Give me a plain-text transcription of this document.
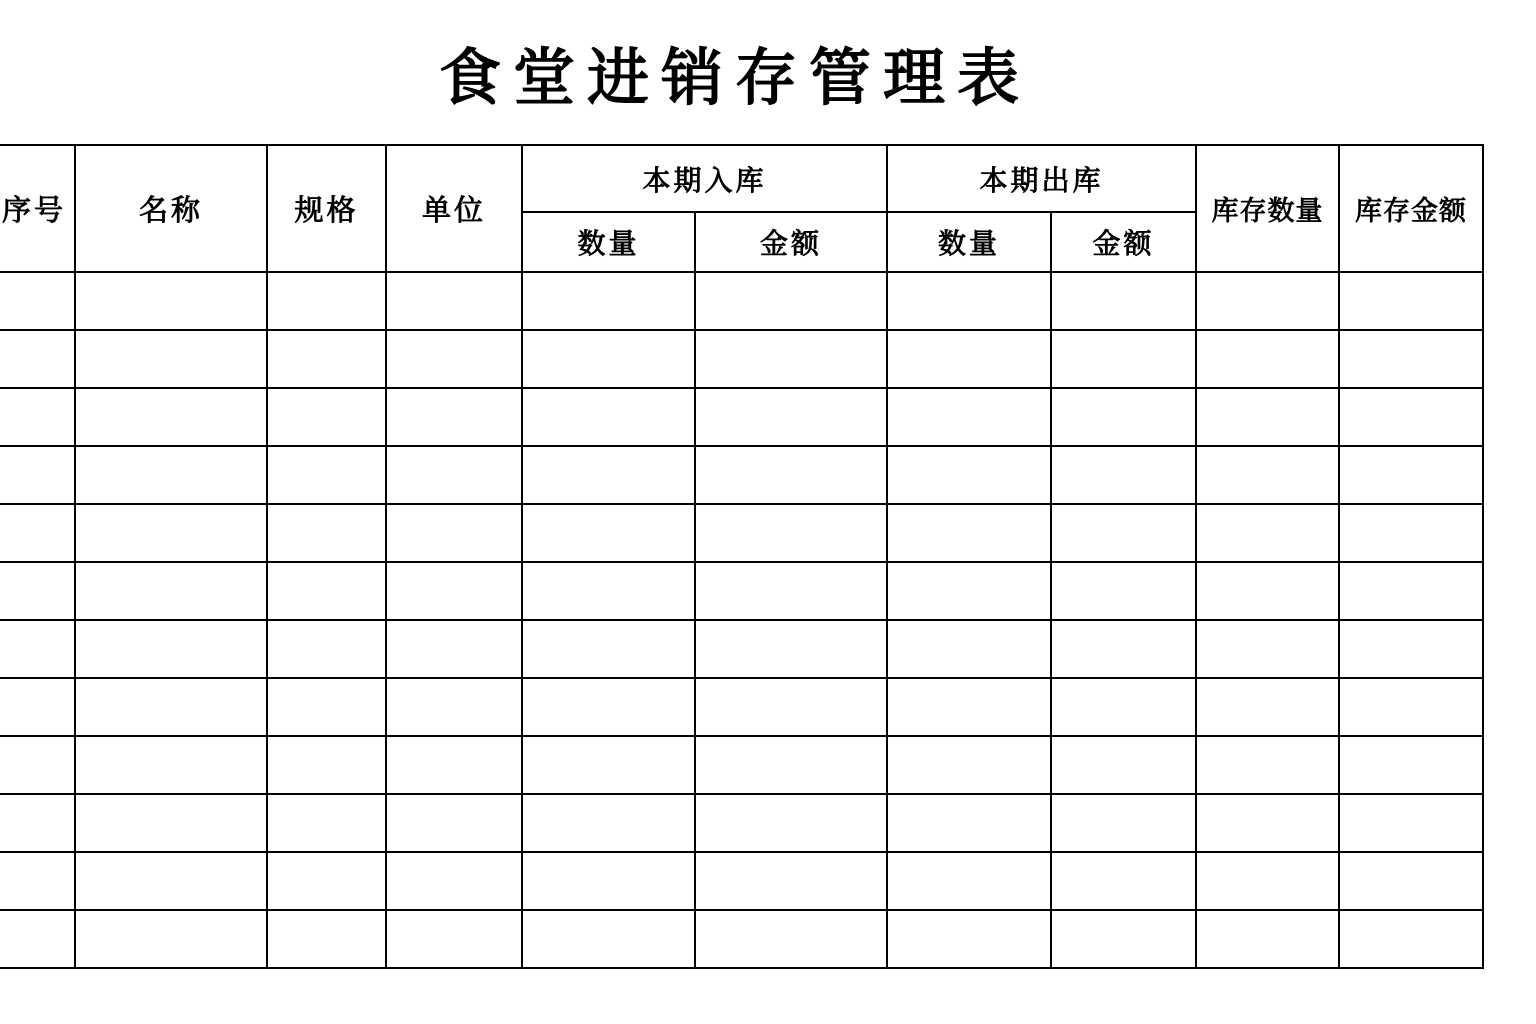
食堂进销存管理表
序号	名称	规格	单位	本期入库		本期出库		库存数量	库存金额
				数量	金额	数量	金额		
